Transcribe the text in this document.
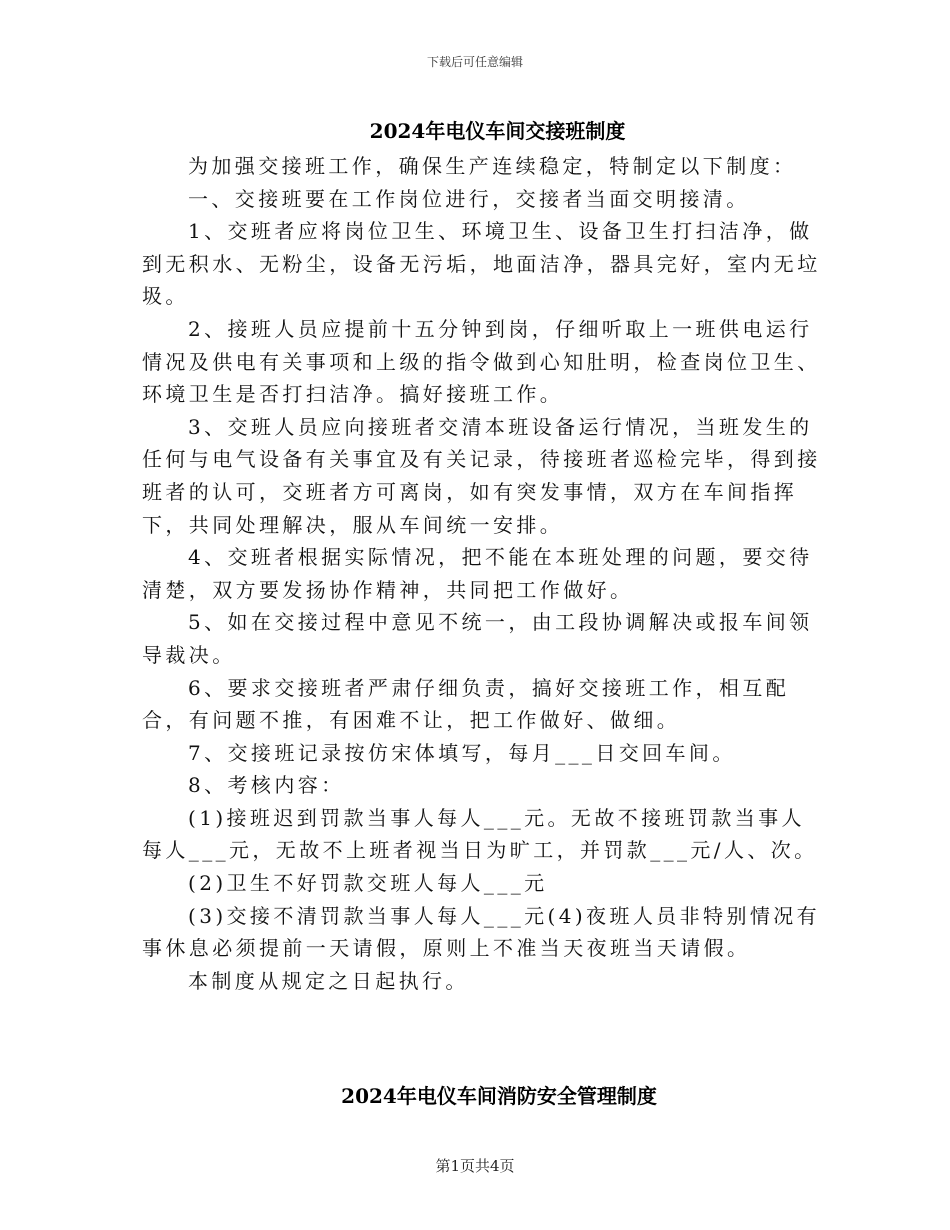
下载后可任意编辑
2024年电仪车间交接班制度

为加强交接班工作，确保生产连续稳定，特制定以下制度：

一、交接班要在工作岗位进行，交接者当面交明接清。

1、交班者应将岗位卫生、环境卫生、设备卫生打扫洁净，做到无积水、无粉尘，设备无污垢，地面洁净，器具完好，室内无垃圾。

2、接班人员应提前十五分钟到岗，仔细听取上一班供电运行情况及供电有关事项和上级的指令做到心知肚明，检查岗位卫生、环境卫生是否打扫洁净。搞好接班工作。

3、交班人员应向接班者交清本班设备运行情况，当班发生的任何与电气设备有关事宜及有关记录，待接班者巡检完毕，得到接班者的认可，交班者方可离岗，如有突发事情，双方在车间指挥下，共同处理解决，服从车间统一安排。

4、交班者根据实际情况，把不能在本班处理的问题，要交待清楚，双方要发扬协作精神，共同把工作做好。

5、如在交接过程中意见不统一，由工段协调解决或报车间领导裁决。

6、要求交接班者严肃仔细负责，搞好交接班工作，相互配合，有问题不推，有困难不让，把工作做好、做细。

7、交接班记录按仿宋体填写，每月___日交回车间。

8、考核内容：

(1)接班迟到罚款当事人每人___元。无故不接班罚款当事人每人___元，无故不上班者视当日为旷工，并罚款___元/人、次。

(2)卫生不好罚款交班人每人___元

(3)交接不清罚款当事人每人___元(4)夜班人员非特别情况有事休息必须提前一天请假，原则上不准当天夜班当天请假。

本制度从规定之日起执行。

2024年电仪车间消防安全管理制度
第1页共4页
